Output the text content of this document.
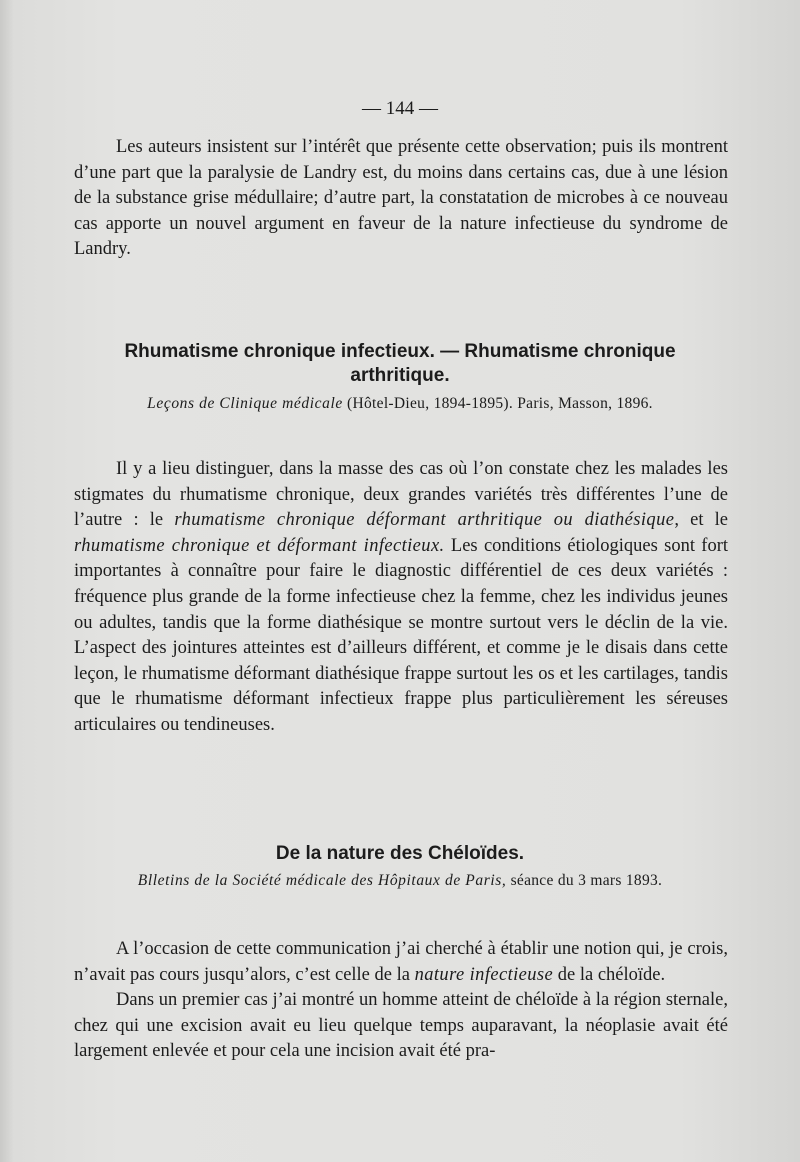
— 144 —

Les auteurs insistent sur l’intérêt que présente cette observation; puis ils montrent d’une part que la paralysie de Landry est, du moins dans certains cas, due à une lésion de la substance grise médullaire; d’autre part, la constatation de microbes à ce nouveau cas apporte un nouvel argument en faveur de la nature infectieuse du syndrome de Landry.

Rhumatisme chronique infectieux. — Rhumatisme chronique
arthritique.
Leçons de Clinique médicale (Hôtel-Dieu, 1894-1895). Paris, Masson, 1896.

Il y a lieu distinguer, dans la masse des cas où l’on constate chez les malades les stigmates du rhumatisme chronique, deux grandes variétés très différentes l’une de l’autre : le rhumatisme chronique déformant arthritique ou diathésique, et le rhumatisme chronique et déformant infectieux. Les conditions étiologiques sont fort importantes à connaître pour faire le diagnostic différentiel de ces deux variétés : fréquence plus grande de la forme infectieuse chez la femme, chez les individus jeunes ou adultes, tandis que la forme diathésique se montre surtout vers le déclin de la vie. L’aspect des jointures atteintes est d’ailleurs différent, et comme je le disais dans cette leçon, le rhumatisme déformant diathésique frappe surtout les os et les cartilages, tandis que le rhumatisme déformant infectieux frappe plus particulièrement les séreuses articulaires ou tendineuses.

De la nature des Chéloïdes.
Blletins de la Société médicale des Hôpitaux de Paris, séance du 3 mars 1893.

A l’occasion de cette communication j’ai cherché à établir une notion qui, je crois, n’avait pas cours jusqu’alors, c’est celle de la nature infectieuse de la chéloïde.

Dans un premier cas j’ai montré un homme atteint de chéloïde à la région sternale, chez qui une excision avait eu lieu quelque temps auparavant, la néoplasie avait été largement enlevée et pour cela une incision avait été pra-
